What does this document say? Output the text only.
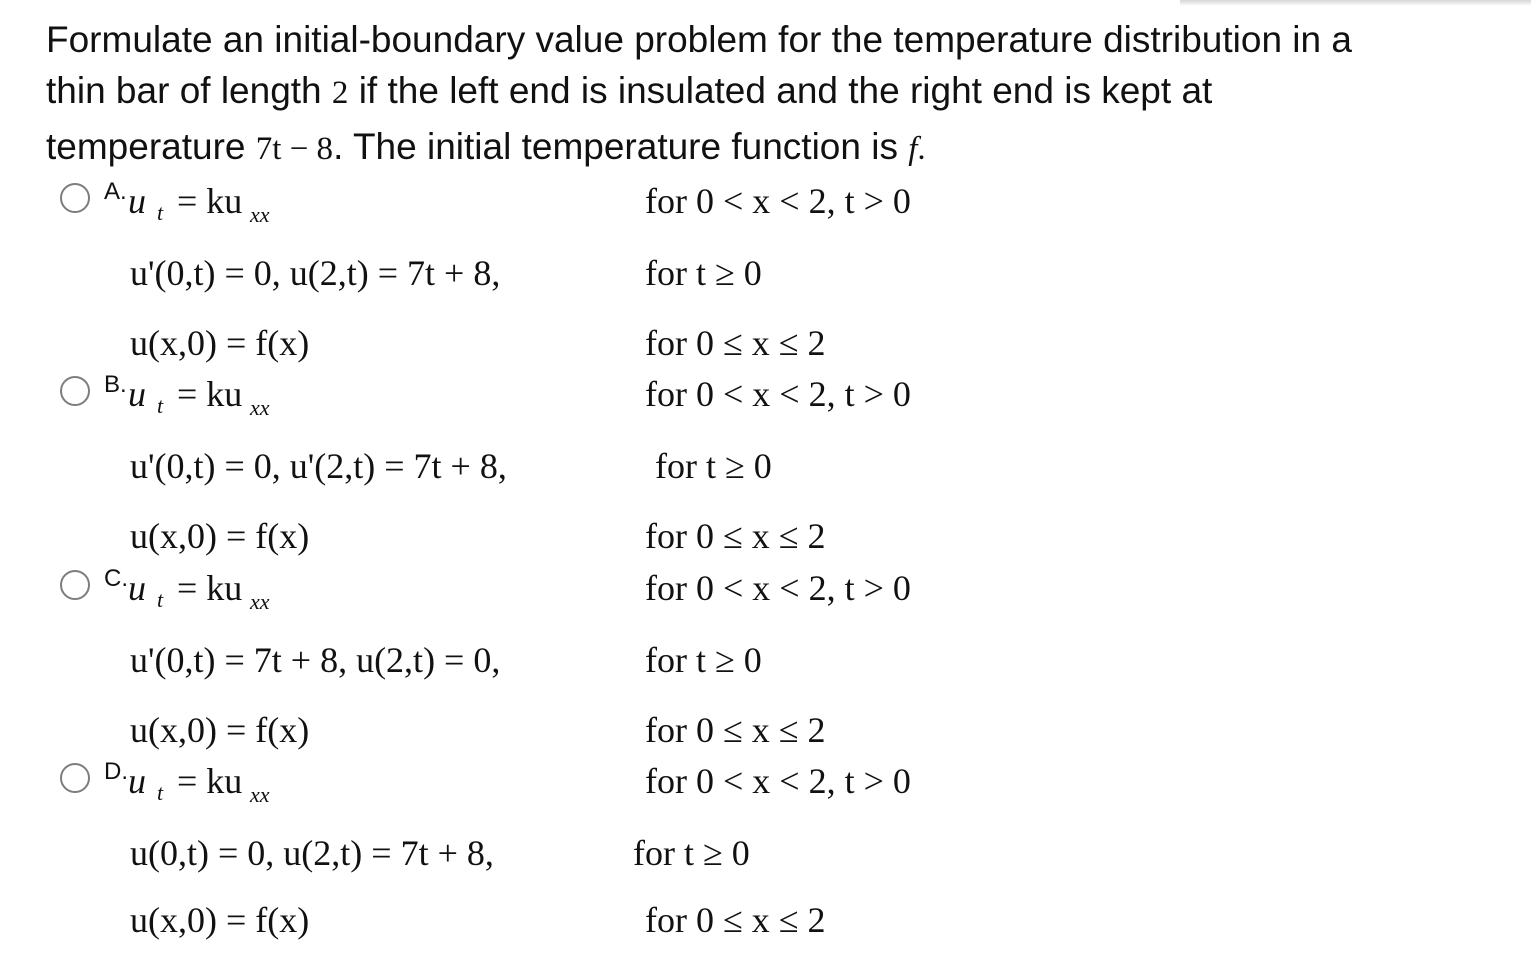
Formulate an initial-boundary value problem for the temperature distribution in a
thin bar of length 2 if the left end is insulated and the right end is kept at
temperature 7t − 8. The initial temperature function is f.
A. u t = ku xx	for 0 < x < 2, t > 0
u'(0,t) = 0, u(2,t) = 7t + 8,	for t ≥ 0
u(x,0) = f(x)	for 0 ≤ x ≤ 2
B. u t = ku xx	for 0 < x < 2, t > 0
u'(0,t) = 0, u'(2,t) = 7t + 8,	for t ≥ 0
u(x,0) = f(x)	for 0 ≤ x ≤ 2
C. u t = ku xx	for 0 < x < 2, t > 0
u'(0,t) = 7t + 8, u(2,t) = 0,	for t ≥ 0
u(x,0) = f(x)	for 0 ≤ x ≤ 2
D. u t = ku xx	for 0 < x < 2, t > 0
u(0,t) = 0, u(2,t) = 7t + 8,	for t ≥ 0
u(x,0) = f(x)	for 0 ≤ x ≤ 2
